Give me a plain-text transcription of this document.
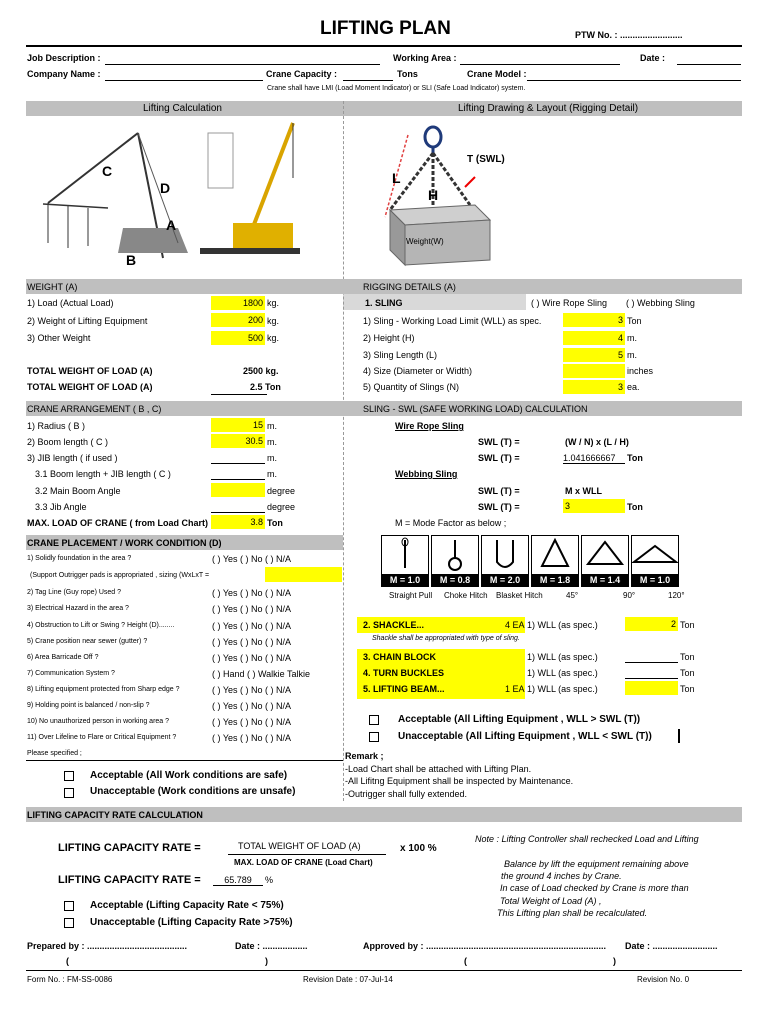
LIFTING PLAN	PTW No. : .........................
Job Description :	Working Area :	Date :
Company Name :	Crane Capacity :	Tons	Crane Model :
Crane shall have LMI (Load Moment Indicator) or SLI (Safe Load Indicator) system.
Lifting Calculation	Lifting Drawing & Layout (Rigging Detail)
C
D
A
B
T (SWL)
L
H
Weight(W)
WEIGHT (A)	RIGGING DETAILS (A)
1) Load (Actual Load)	1800 kg.
2) Weight of Lifting Equipment	200 kg.
3) Other Weight	500 kg.
TOTAL WEIGHT OF LOAD (A)	2500 kg.
TOTAL WEIGHT OF LOAD (A)	2.5 Ton
1. SLING	( ) Wire Rope Sling ( ) Webbing Sling
1) Sling - Working Load Limit (WLL) as spec.	3 Ton
2) Height (H)	4 m.
3) Sling Length (L)	5 m.
4) Size (Diameter or Width)	inches
5) Quantity of Slings (N)	3 ea.
CRANE ARRANGEMENT ( B , C)	SLING - SWL (SAFE WORKING LOAD) CALCULATION
1) Radius ( B )	15 m.
2) Boom length ( C )	30.5 m.
3) JIB length ( if used )	m.
3.1 Boom length + JIB length ( C )	m.
3.2 Main Boom Angle	degree
3.3 Jib Angle	degree
MAX. LOAD OF CRANE ( from Load Chart)	3.8 Ton
Wire Rope Sling
SWL (T) =	(W / N) x (L / H)
SWL (T) =	1.041666667	Ton
Webbing Sling
SWL (T) =	M x WLL
SWL (T) =	3	Ton
M = Mode Factor as below ;
M = 1.0	M = 0.8	M = 2.0	M = 1.8	M = 1.4	M = 1.0
Straight Pull Choke Hitch Blasket Hitch	45°	90°	120°
CRANE PLACEMENT / WORK CONDITION (D)
1) Solidly foundation in the area ?	( ) Yes ( ) No ( ) N/A
(Support Outrigger pads is appropriated , sizing (WxLxT =
2) Tag Line (Guy rope) Used ?	( ) Yes ( ) No ( ) N/A
3) Electrical Hazard in the area ?	( ) Yes ( ) No ( ) N/A
4) Obstruction to Lift or Swing ? Height (D)........	( ) Yes ( ) No ( ) N/A
5) Crane position near sewer (gutter) ?	( ) Yes ( ) No ( ) N/A
6) Area Barricade Off ?	( ) Yes ( ) No ( ) N/A
7) Communication System ?	( ) Hand ( ) Walkie Talkie
8) Lifting equipment protected from Sharp edge ?	( ) Yes ( ) No ( ) N/A
9) Holding point is balanced / non-slip ?	( ) Yes ( ) No ( ) N/A
10) No unauthorized person in working area ?	( ) Yes ( ) No ( ) N/A
11) Over Lifeline to Flare or Critical Equipment ?	( ) Yes ( ) No ( ) N/A
Please specified ;
Acceptable (All Work conditions are safe)
Unacceptable (Work conditions are unsafe)
2. SHACKLE...	4 EA 1) WLL (as spec.)	2 Ton
Shackle shall be appropriated with type of sling.
3. CHAIN BLOCK	1) WLL (as spec.)	Ton
4. TURN BUCKLES	1) WLL (as spec.)	Ton
5. LIFTING BEAM...	1 EA 1) WLL (as spec.)	Ton
Acceptable (All Lifting Equipment , WLL > SWL (T))
Unacceptable (All Lifting Equipment , WLL < SWL (T))
Remark ;
-Load Chart shall be attached with Lifting Plan.
-All Lifitng Equipment shall be inspected by Maintenance.
-Outrigger shall fully extended.
LIFTING CAPACITY RATE CALCULATION
LIFTING CAPACITY RATE =	TOTAL WEIGHT OF LOAD (A)
MAX. LOAD OF CRANE (Load Chart)
x 100 %
LIFTING CAPACITY RATE =	65.789	%
Acceptable (Lifting Capacity Rate < 75%)
Unacceptable (Lifting Capacity Rate >75%)
Note : Lifting Controller shall rechecked Load and Lifting
Balance by lift the equipment remaining above
the ground 4 inches by Crane.
In case of Load checked by Crane is more than
Total Weight of Load (A) ,
This Lifting plan shall be recalculated.
Prepared by : ........................................	Date : ..................	Approved by : ........................................................................ Date : ..........................
(	)	(	)
Form No. : FM-SS-0086	Revision Date : 07-Jul-14	Revision No. 0
